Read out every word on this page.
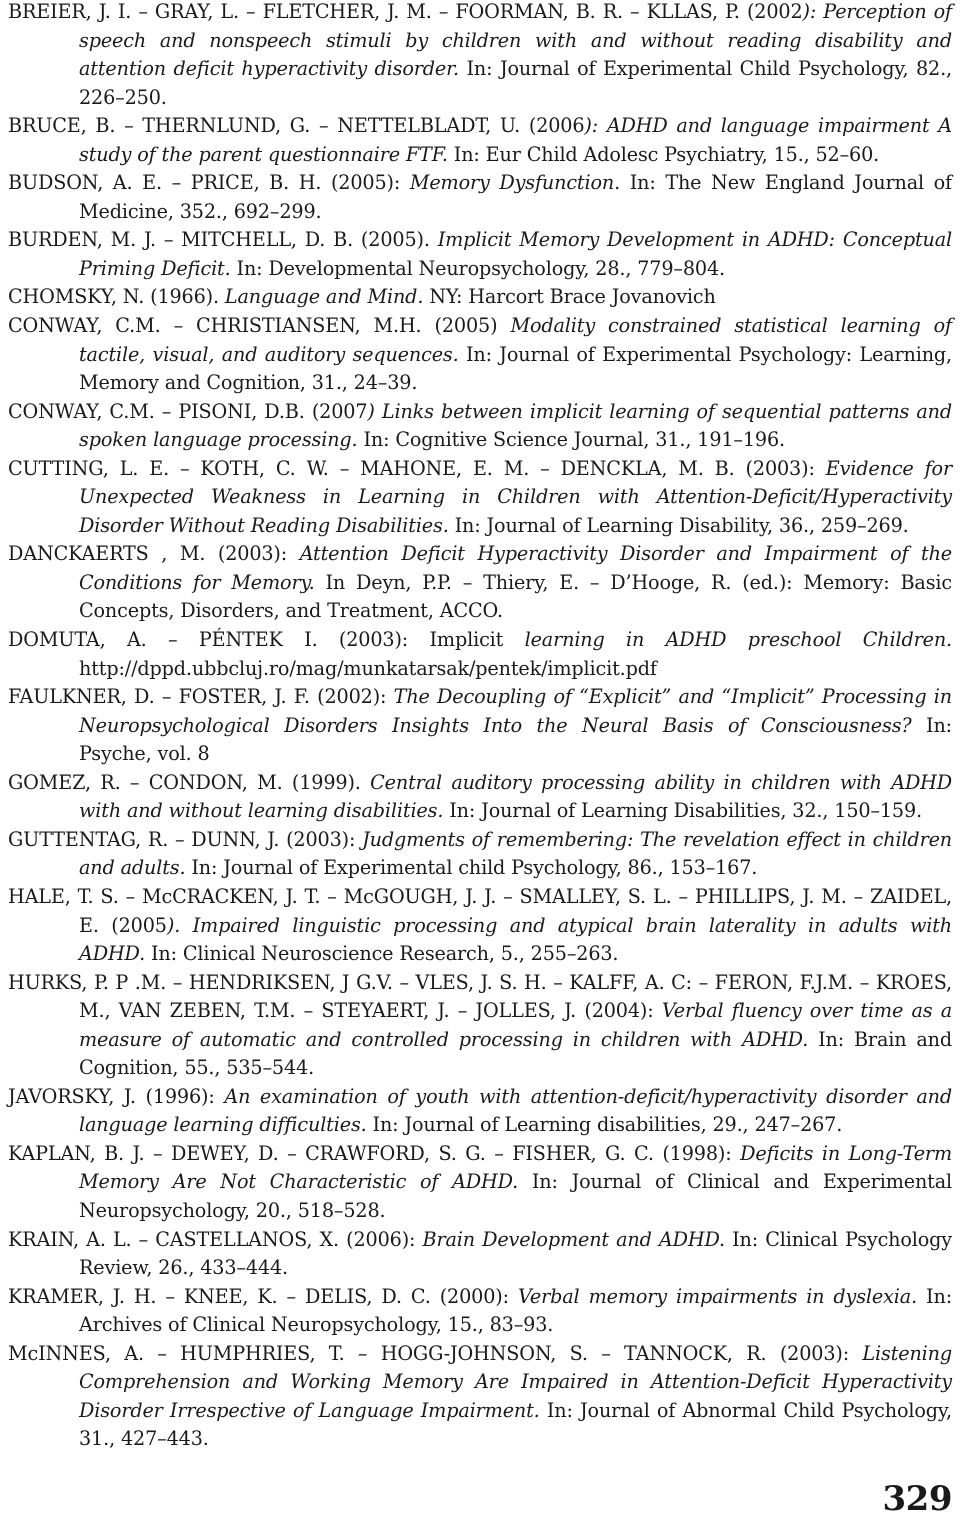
BREIER, J. I. – GRAY, L. – FLETCHER, J. M. – FOORMAN, B. R. – KLLAS, P. (2002): Perception of speech and nonspeech stimuli by children with and without reading disability and attention deficit hyperactivity disorder. In: Journal of Experimental Child Psychology, 82., 226–250.

BRUCE, B. – THERNLUND, G. – NETTELBLADT, U. (2006): ADHD and language impairment A study of the parent questionnaire FTF. In: Eur Child Adolesc Psychiatry, 15., 52–60.

BUDSON, A. E. – PRICE, B. H. (2005): Memory Dysfunction. In: The New England Journal of Medicine, 352., 692–299.

BURDEN, M. J. – MITCHELL, D. B. (2005). Implicit Memory Development in ADHD: Conceptual Priming Deficit. In: Developmental Neuropsychology, 28., 779–804.

CHOMSKY, N. (1966). Language and Mind. NY: Harcort Brace Jovanovich

CONWAY, C.M. – CHRISTIANSEN, M.H. (2005) Modality constrained statistical learning of tactile, visual, and auditory sequences. In: Journal of Experimental Psychology: Learning, Memory and Cognition, 31., 24–39.

CONWAY, C.M. – PISONI, D.B. (2007) Links between implicit learning of sequential patterns and spoken language processing. In: Cognitive Science Journal, 31., 191–196.

CUTTING, L. E. – KOTH, C. W. – MAHONE, E. M. – DENCKLA, M. B. (2003): Evidence for Unexpected Weakness in Learning in Children with Attention-Deficit/Hyperactivity Disorder Without Reading Disabilities. In: Journal of Learning Disability, 36., 259–269.

DANCKAERTS , M. (2003): Attention Deficit Hyperactivity Disorder and Impairment of the Conditions for Memory. In Deyn, P.P. – Thiery, E. – D’Hooge, R. (ed.): Memory: Basic Concepts, Disorders, and Treatment, ACCO.

DOMUTA, A. – PÉNTEK I. (2003): Implicit learning in ADHD preschool Children. http://dppd.ubbcluj.ro/mag/munkatarsak/pentek/implicit.pdf

FAULKNER, D. – FOSTER, J. F. (2002): The Decoupling of “Explicit” and “Implicit” Processing in Neuropsychological Disorders Insights Into the Neural Basis of Consciousness? In: Psyche, vol. 8

GOMEZ, R. – CONDON, M. (1999). Central auditory processing ability in children with ADHD with and without learning disabilities. In: Journal of Learning Disabilities, 32., 150–159.

GUTTENTAG, R. – DUNN, J. (2003): Judgments of remembering: The revelation effect in children and adults. In: Journal of Experimental child Psychology, 86., 153–167.

HALE, T. S. – McCRACKEN, J. T. – McGOUGH, J. J. – SMALLEY, S. L. – PHILLIPS, J. M. – ZAIDEL, E. (2005). Impaired linguistic processing and atypical brain laterality in adults with ADHD. In: Clinical Neuroscience Research, 5., 255–263.

HURKS, P. P .M. – HENDRIKSEN, J G.V. – VLES, J. S. H. – KALFF, A. C: – FERON, F.J.M. – KROES, M., VAN ZEBEN, T.M. – STEYAERT, J. – JOLLES, J. (2004): Verbal fluency over time as a measure of automatic and controlled processing in children with ADHD. In: Brain and Cognition, 55., 535–544.

JAVORSKY, J. (1996): An examination of youth with attention-deficit/hyperactivity disorder and language learning difficulties. In: Journal of Learning disabilities, 29., 247–267.

KAPLAN, B. J. – DEWEY, D. – CRAWFORD, S. G. – FISHER, G. C. (1998): Deficits in Long-Term Memory Are Not Characteristic of ADHD. In: Journal of Clinical and Experimental Neuropsychology, 20., 518–528.

KRAIN, A. L. – CASTELLANOS, X. (2006): Brain Development and ADHD. In: Clinical Psychology Review, 26., 433–444.

KRAMER, J. H. – KNEE, K. – DELIS, D. C. (2000): Verbal memory impairments in dyslexia. In: Archives of Clinical Neuropsychology, 15., 83–93.

McINNES, A. – HUMPHRIES, T. – HOGG-JOHNSON, S. – TANNOCK, R. (2003): Listening Comprehension and Working Memory Are Impaired in Attention-Deficit Hyperactivity Disorder Irrespective of Language Impairment. In: Journal of Abnormal Child Psychology, 31., 427–443.

329
